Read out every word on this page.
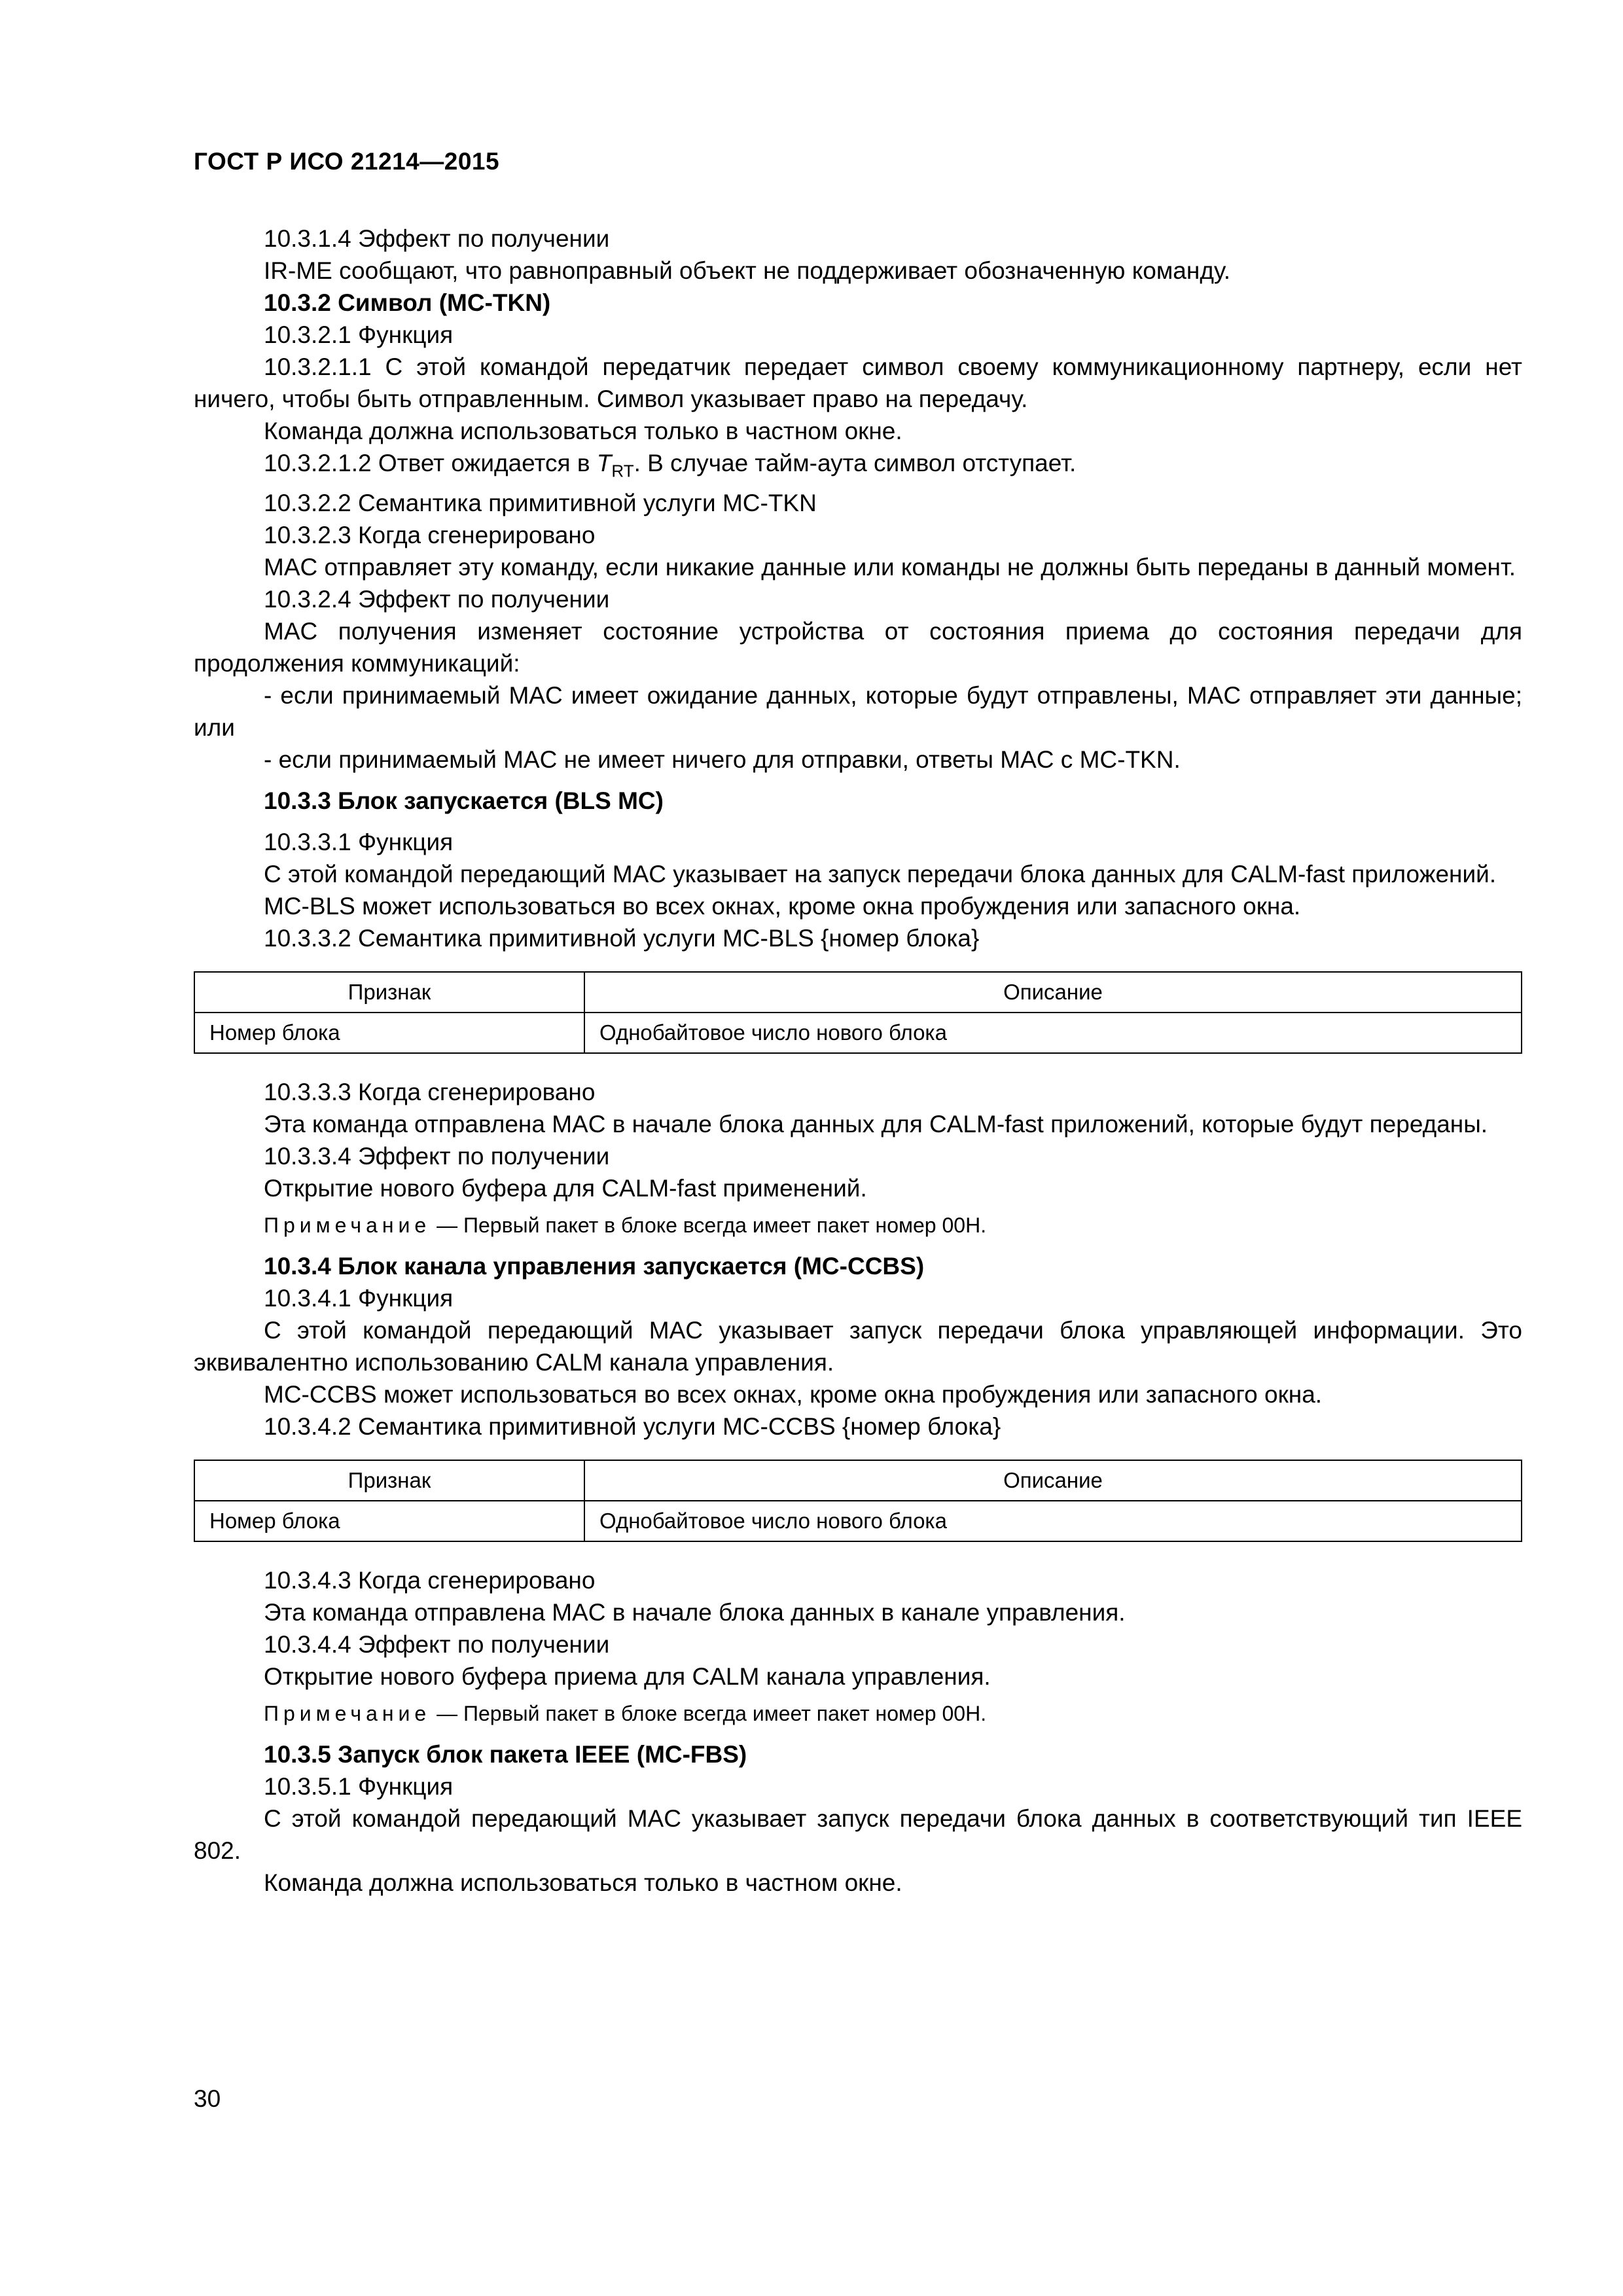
ГОСТ Р ИСО 21214—2015

10.3.1.4 Эффект по получении

IR-ME сообщают, что равноправный объект не поддерживает обозначенную команду.

10.3.2 Символ (MC-TKN)

10.3.2.1 Функция

10.3.2.1.1 С этой командой передатчик передает символ своему коммуникационному партнеру, если нет ничего, чтобы быть отправленным. Символ указывает право на передачу.

Команда должна использоваться только в частном окне.

10.3.2.1.2 Ответ ожидается в $T_{RT}$. В случае тайм-аута символ отступает.

10.3.2.2 Семантика примитивной услуги MC-TKN

10.3.2.3 Когда сгенерировано

MAC отправляет эту команду, если никакие данные или команды не должны быть переданы в данный момент.

10.3.2.4 Эффект по получении

MAC получения изменяет состояние устройства от состояния приема до состояния передачи для продолжения коммуникаций:

- если принимаемый MAC имеет ожидание данных, которые будут отправлены, MAC отправляет эти данные; или

- если принимаемый MAC не имеет ничего для отправки, ответы MAC с MC-TKN.

10.3.3 Блок запускается (BLS MC)

10.3.3.1 Функция

С этой командой передающий MAC указывает на запуск передачи блока данных для CALM-fast приложений.

MC-BLS может использоваться во всех окнах, кроме окна пробуждения или запасного окна.

10.3.3.2 Семантика примитивной услуги MC-BLS {номер блока}

Признак	Описание
Номер блока	Однобайтовое число нового блока

10.3.3.3 Когда сгенерировано

Эта команда отправлена MAC в начале блока данных для CALM-fast приложений, которые будут переданы.

10.3.3.4 Эффект по получении

Открытие нового буфера для CALM-fast применений.

Примечание — Первый пакет в блоке всегда имеет пакет номер 00H.

10.3.4 Блок канала управления запускается (MC-CCBS)

10.3.4.1 Функция

С этой командой передающий MAC указывает запуск передачи блока управляющей информации. Это эквивалентно использованию CALM канала управления.

MC-CCBS может использоваться во всех окнах, кроме окна пробуждения или запасного окна.

10.3.4.2 Семантика примитивной услуги MC-CCBS {номер блока}

Признак	Описание
Номер блока	Однобайтовое число нового блока

10.3.4.3 Когда сгенерировано

Эта команда отправлена MAC в начале блока данных в канале управления.

10.3.4.4 Эффект по получении

Открытие нового буфера приема для CALM канала управления.

Примечание — Первый пакет в блоке всегда имеет пакет номер 00H.

10.3.5 Запуск блок пакета IEEE (MC-FBS)

10.3.5.1 Функция

С этой командой передающий MAC указывает запуск передачи блока данных в соответствующий тип IEEE 802.

Команда должна использоваться только в частном окне.

30
